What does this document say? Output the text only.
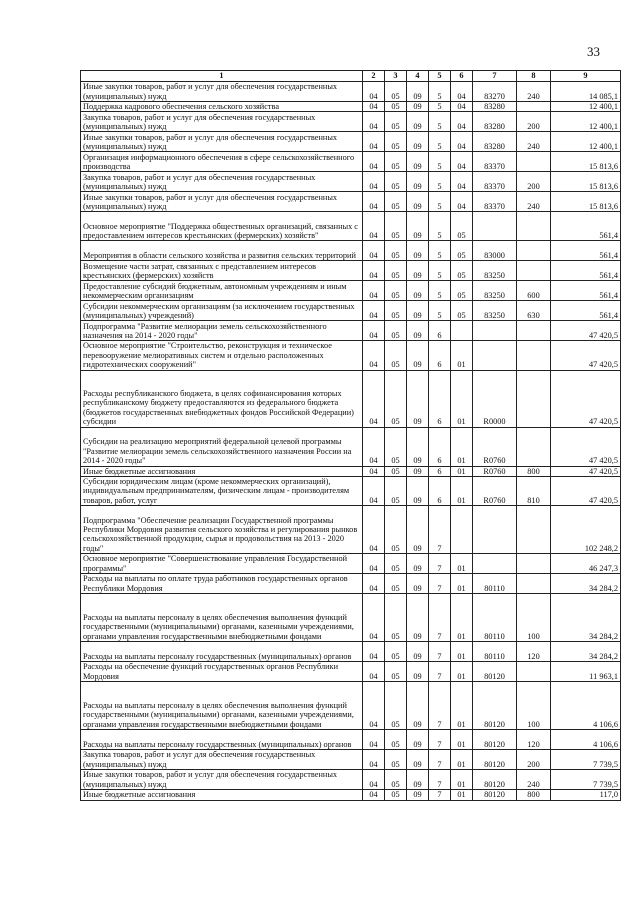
33
1	2	3	4	5	6	7	8	9
Иные закупки товаров, работ и услуг для обеспечения государственных (муниципальных) нужд	04	05	09	5	04	83270	240	14 085,1
Поддержка кадрового обеспечения сельского хозяйства	04	05	09	5	04	83280		12 400,1
Закупка товаров, работ и услуг для обеспечения государственных (муниципальных) нужд	04	05	09	5	04	83280	200	12 400,1
Иные закупки товаров, работ и услуг для обеспечения государственных (муниципальных) нужд	04	05	09	5	04	83280	240	12 400,1
Организация информационного обеспечения в сфере сельскохозяйственного производства	04	05	09	5	04	83370		15 813,6
Закупка товаров, работ и услуг для обеспечения государственных (муниципальных) нужд	04	05	09	5	04	83370	200	15 813,6
Иные закупки товаров, работ и услуг для обеспечения государственных (муниципальных) нужд	04	05	09	5	04	83370	240	15 813,6
Основное мероприятие "Поддержка общественных организаций, связанных с предоставлением интересов крестьянских (фермерских) хозяйств"	04	05	09	5	05			561,4
Мероприятия в области сельского хозяйства и развития сельских территорий	04	05	09	5	05	83000		561,4
Возмещение части затрат, связанных с представлением интересов крестьянских (фермерских) хозяйств	04	05	09	5	05	83250		561,4
Предоставление субсидий бюджетным, автономным учреждениям и иным некоммерческим организациям	04	05	09	5	05	83250	600	561,4
Субсидии некоммерческим организациям (за исключением государственных (муниципальных) учреждений)	04	05	09	5	05	83250	630	561,4
Подпрограмма "Развитие мелиорации земель сельскохозяйственного назначения на 2014 - 2020 годы"	04	05	09	6				47 420,5
Основное мероприятие "Строительство, реконструкция и техническое перевооружение мелиоративных систем и отдельно расположенных гидротехнических сооружений"	04	05	09	6	01			47 420,5
Расходы республиканского бюджета, в целях софинансирования которых республиканскому бюджету предоставляются из федерального бюджета (бюджетов государственных внебюджетных фондов Российской Федерации) субсидии	04	05	09	6	01	R0000		47 420,5
Субсидии на реализацию мероприятий федеральной целевой программы "Развитие мелиорации земель сельскохозяйственного назначения России на 2014 - 2020 годы"	04	05	09	6	01	R0760		47 420,5
Иные бюджетные ассигнования	04	05	09	6	01	R0760	800	47 420,5
Субсидии юридическим лицам (кроме некоммерческих организаций), индивидуальным предпринимателям, физическим лицам - производителям товаров, работ, услуг	04	05	09	6	01	R0760	810	47 420,5
Подпрограмма "Обеспечение реализации Государственной программы Республики Мордовия развития сельского хозяйства и регулирования рынков сельскохозяйственной продукции, сырья и продовольствия на 2013 - 2020 годы"	04	05	09	7				102 248,2
Основное мероприятие "Совершенствование управления Государственной программы"	04	05	09	7	01			46 247,3
Расходы на выплаты по оплате труда работников государственных органов Республики Мордовия	04	05	09	7	01	80110		34 284,2
Расходы на выплаты персоналу в целях обеспечения выполнения функций государственными (муниципальными) органами, казенными учреждениями, органами управления государственными внебюджетными фондами	04	05	09	7	01	80110	100	34 284,2
Расходы на выплаты персоналу государственных (муниципальных) органов	04	05	09	7	01	80110	120	34 284,2
Расходы на обеспечение функций государственных органов Республики Мордовия	04	05	09	7	01	80120		11 963,1
Расходы на выплаты персоналу в целях обеспечения выполнения функций государственными (муниципальными) органами, казенными учреждениями, органами управления государственными внебюджетными фондами	04	05	09	7	01	80120	100	4 106,6
Расходы на выплаты персоналу государственных (муниципальных) органов	04	05	09	7	01	80120	120	4 106,6
Закупка товаров, работ и услуг для обеспечения государственных (муниципальных) нужд	04	05	09	7	01	80120	200	7 739,5
Иные закупки товаров, работ и услуг для обеспечения государственных (муниципальных) нужд	04	05	09	7	01	80120	240	7 739,5
Иные бюджетные ассигнования	04	05	09	7	01	80120	800	117,0
